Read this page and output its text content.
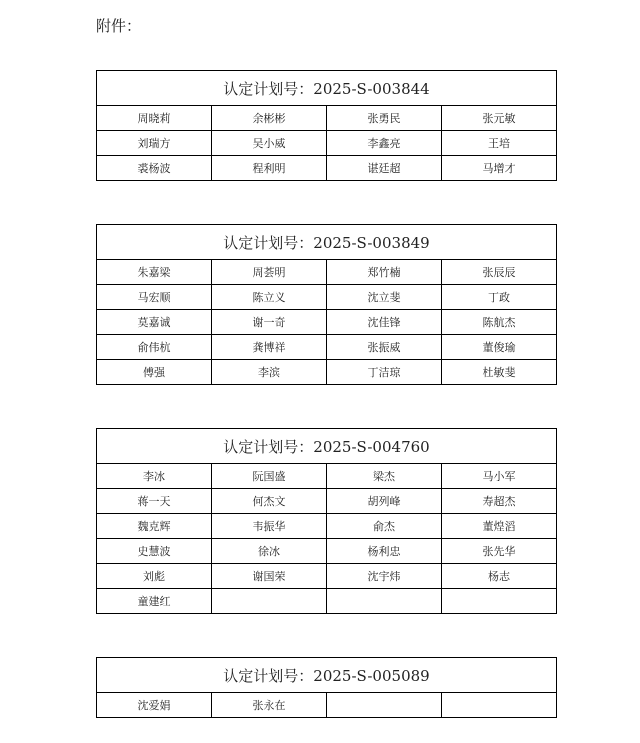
附件：
认定计划号：2025-S-003844			
周晓莉	余彬彬	张勇民	张元敏
刘瑞方	吴小威	李鑫亮	王培
裘杨波	程利明	谌廷超	马增才
认定计划号：2025-S-003849			
朱嘉梁	周荟明	郑竹楠	张辰辰
马宏顺	陈立义	沈立斐	丁政
莫嘉诚	谢一奇	沈佳锋	陈航杰
俞伟杭	龚博祥	张振威	董俊瑜
傅强	李滨	丁洁琼	杜敏斐
认定计划号：2025-S-004760			
李冰	阮国盛	梁杰	马小军
蒋一天	何杰文	胡列峰	寿超杰
魏克辉	韦振华	俞杰	董煌滔
史慧波	徐冰	杨利忠	张先华
刘彪	谢国荣	沈宇炜	杨志
童建红			
认定计划号：2025-S-005089
沈爱娟	张永在		
